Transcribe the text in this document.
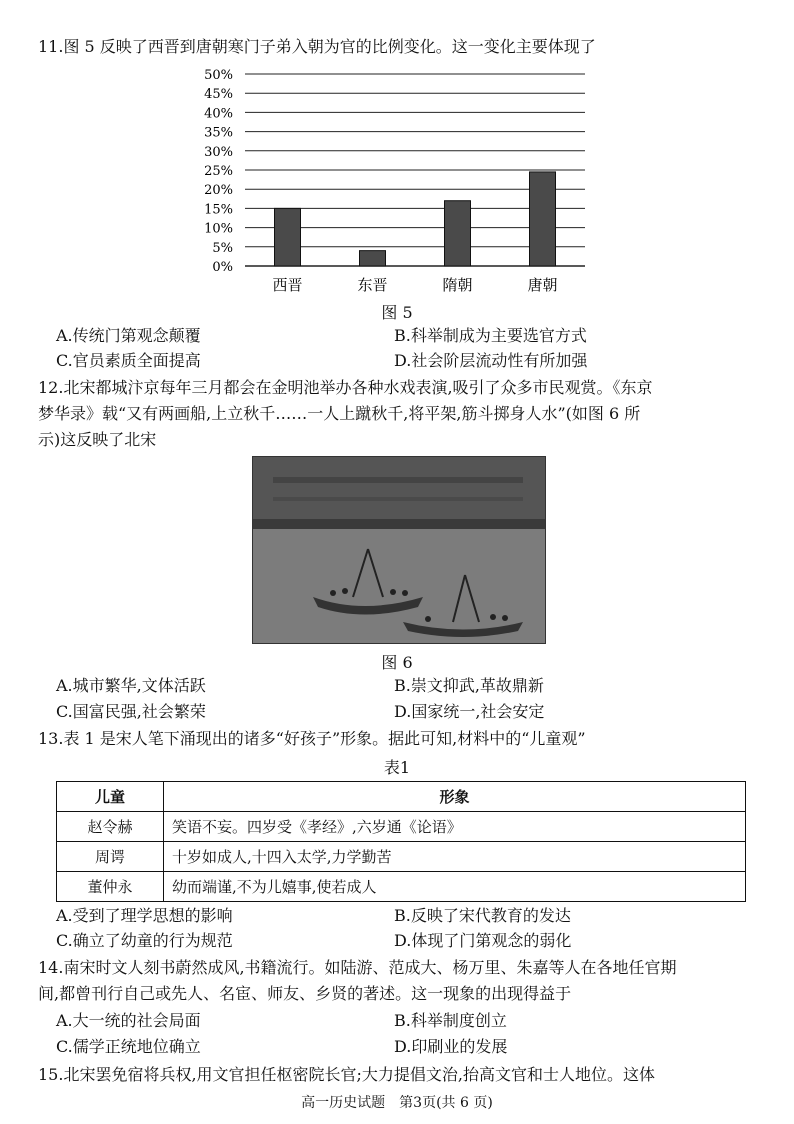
11.图 5 反映了西晋到唐朝寒门子弟入朝为官的比例变化。这一变化主要体现了
0%
5%
10%
15%
20%
25%
30%
35%
40%
45%
50%
西晋	东晋	隋朝	唐朝
图 5
A.传统门第观念颠覆	B.科举制成为主要选官方式
C.官员素质全面提高	D.社会阶层流动性有所加强
12.北宋都城汴京每年三月都会在金明池举办各种水戏表演,吸引了众多市民观赏。《东京
梦华录》载“又有两画船,上立秋千……一人上蹴秋千,将平架,筋斗掷身人水”(如图 6 所
示)这反映了北宋
图 6
A.城市繁华,文体活跃	B.崇文抑武,革故鼎新
C.国富民强,社会繁荣	D.国家统一,社会安定
13.表 1 是宋人笔下涌现出的诸多“好孩子”形象。据此可知,材料中的“儿童观”
表1
儿童	形象
赵令赫	笑语不妄。四岁受《孝经》,六岁通《论语》
周谔	十岁如成人,十四入太学,力学勤苦
董仲永	幼而端谨,不为儿嬉事,使若成人
A.受到了理学思想的影响	B.反映了宋代教育的发达
C.确立了幼童的行为规范	D.体现了门第观念的弱化
14.南宋时文人刻书蔚然成风,书籍流行。如陆游、范成大、杨万里、朱嘉等人在各地任官期
间,都曾刊行自己或先人、名宦、师友、乡贤的著述。这一现象的出现得益于
A.大一统的社会局面	B.科举制度创立
C.儒学正统地位确立	D.印刷业的发展
15.北宋罢免宿将兵权,用文官担任枢密院长官;大力提倡文治,抬高文官和士人地位。这体
高一历史试题　第3页(共 6 页)
